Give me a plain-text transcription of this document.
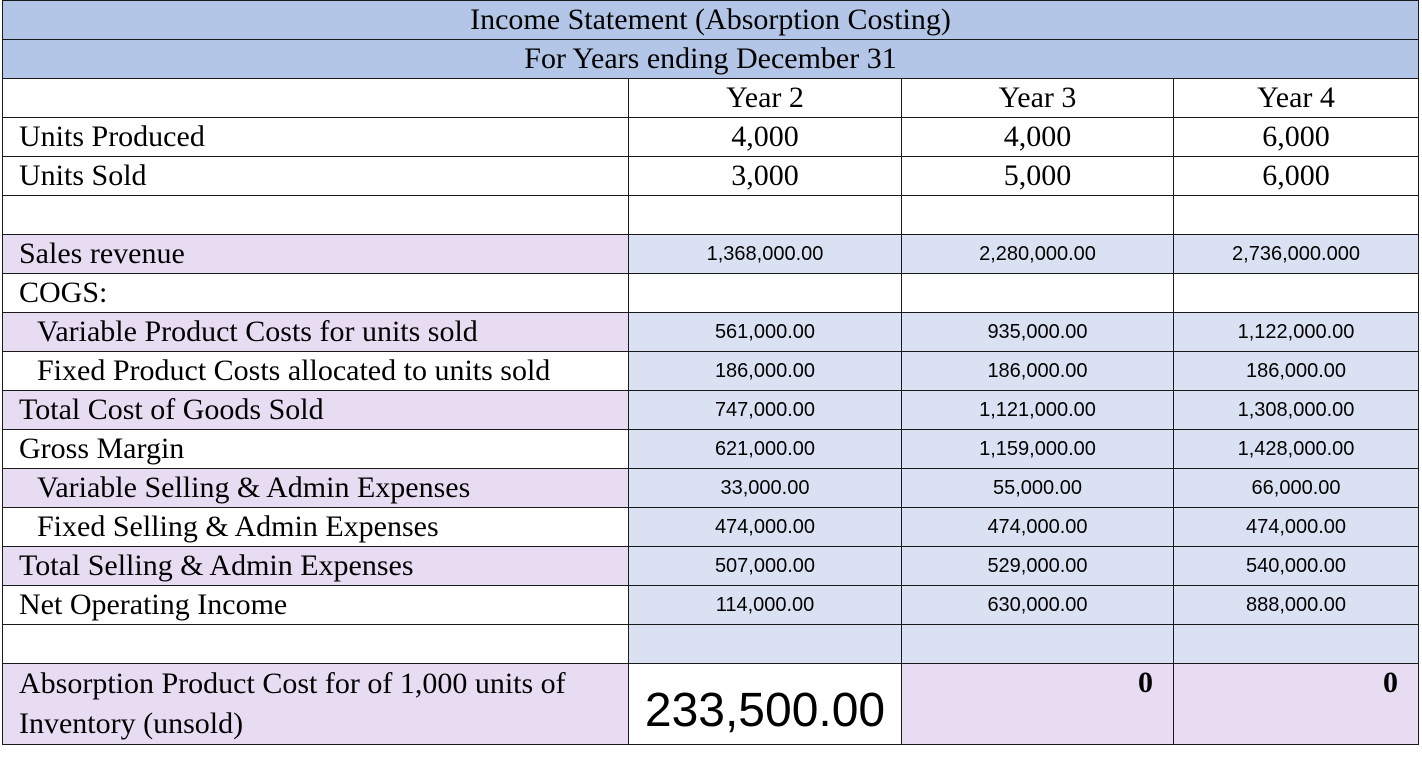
Income Statement (Absorption Costing)			
For Years ending December 31			
	Year 2	Year 3	Year 4
Units Produced	4,000	4,000	6,000
Units Sold	3,000	5,000	6,000

Sales revenue	1,368,000.00	2,280,000.00	2,736,000.000
COGS:			
Variable Product Costs for units sold	561,000.00	935,000.00	1,122,000.00
Fixed Product Costs allocated to units sold	186,000.00	186,000.00	186,000.00
Total Cost of Goods Sold	747,000.00	1,121,000.00	1,308,000.00
Gross Margin	621,000.00	1,159,000.00	1,428,000.00
Variable Selling & Admin Expenses	33,000.00	55,000.00	66,000.00
Fixed Selling & Admin Expenses	474,000.00	474,000.00	474,000.00
Total Selling & Admin Expenses	507,000.00	529,000.00	540,000.00
Net Operating Income	114,000.00	630,000.00	888,000.00

Absorption Product Cost for of 1,000 units of Inventory (unsold)	233,500.00	0	0
